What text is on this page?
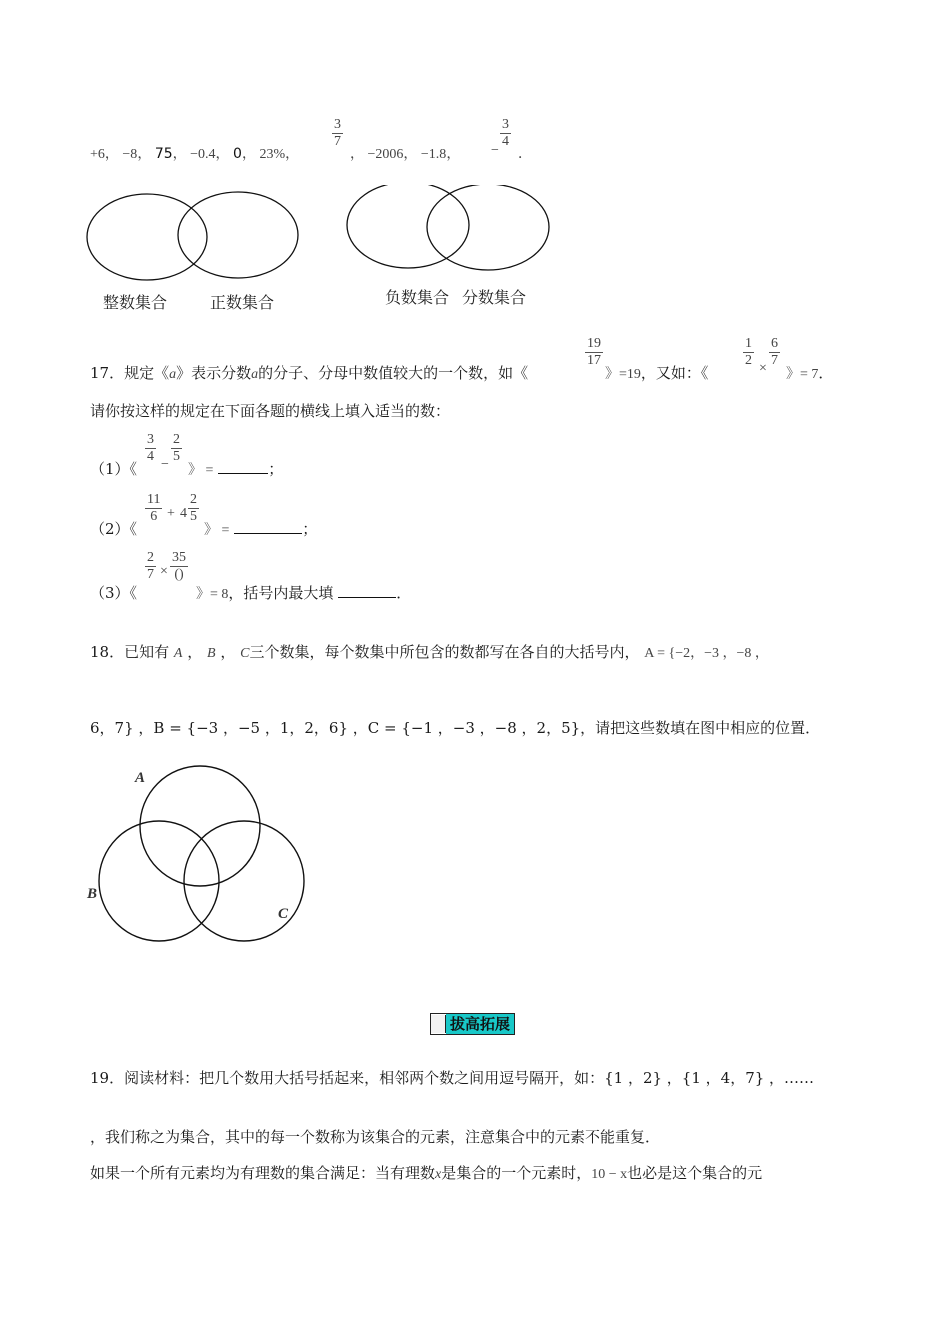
+6， −8， 75， −0.4， 0， 23%，
3
7
， −2006， −1.8， −
3
4
．
整数集合	正数集合	负数集合 分数集合
17．规定《a》表示分数a的分子、分母中数值较大的一个数，如《
19
17
》=19，又如：《
1
2
×
6
7
》= 7．
请你按这样的规定在下面各题的横线上填入适当的数：
（1）《
3
4
−
2
5
》 =	；
（2）《
11
6 + 4
2
5
》 =	；
（3）《
2
7 ×
35
()
》= 8，括号内最大填	．
18．已知有 A ， B ， C三个数集，每个数集中所包含的数都写在各自的大括号内， A = {−2，−3 ，−8 ，
6，7} ，B = {−3 ，−5 ，1，2，6} ，C = {−1 ，−3 ，−8 ，2，5}，请把这些数填在图中相应的位置．
A
B
C
拔高拓展
19．阅读材料：把几个数用大括号括起来，相邻两个数之间用逗号隔开，如：{1 ，2} ，{1 ，4，7} ，……
，我们称之为集合，其中的每一个数称为该集合的元素，注意集合中的元素不能重复．
如果一个所有元素均为有理数的集合满足：当有理数x是集合的一个元素时，10 − x也必是这个集合的元
